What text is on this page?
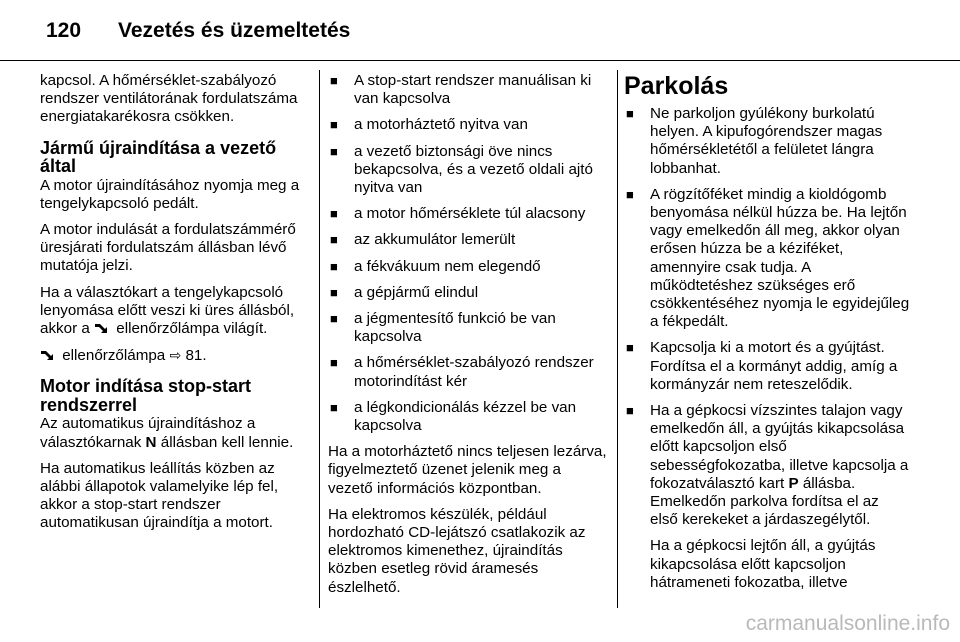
120 Vezetés és üzemeltetés

kapcsol. A hőmérséklet-szabályozó rendszer ventilátorának fordulatszáma energiatakarékosra csökken.

Jármű újraindítása a vezető által

A motor újraindításához nyomja meg a tengelykapcsoló pedált.

A motor indulását a fordulatszámmérő üresjárati fordulatszám állásban lévő mutatója jelzi.

Ha a választókart a tengelykapcsoló lenyomása előtt veszi ki üres állásból, akkor a ellenőrzőlámpa világít.

ellenőrzőlámpa ⇨ 81.

Motor indítása stop-start rendszerrel

Az automatikus újraindításhoz a választókarnak N állásban kell lennie.

Ha automatikus leállítás közben az alábbi állapotok valamelyike lép fel, akkor a stop-start rendszer automatikusan újraindítja a motort.

■ A stop-start rendszer manuálisan ki van kapcsolva
■ a motorháztető nyitva van
■ a vezető biztonsági öve nincs bekapcsolva, és a vezető oldali ajtó nyitva van
■ a motor hőmérséklete túl alacsony
■ az akkumulátor lemerült
■ a fékvákuum nem elegendő
■ a gépjármű elindul
■ a jégmentesítő funkció be van kapcsolva
■ a hőmérséklet-szabályozó rendszer motorindítást kér
■ a légkondicionálás kézzel be van kapcsolva

Ha a motorháztető nincs teljesen lezárva, figyelmeztető üzenet jelenik meg a vezető információs központban.

Ha elektromos készülék, például hordozható CD-lejátszó csatlakozik az elektromos kimenethez, újraindítás közben esetleg rövid áramesés észlelhető.

Parkolás
■ Ne parkoljon gyúlékony burkolatú helyen. A kipufogórendszer magas hőmérsékletétől a felületet lángra lobbanhat.
■ A rögzítőféket mindig a kioldógomb benyomása nélkül húzza be. Ha lejtőn vagy emelkedőn áll meg, akkor olyan erősen húzza be a kéziféket, amennyire csak tudja. A működtetéshez szükséges erő csökkentéséhez nyomja le egyidejűleg a fékpedált.
■ Kapcsolja ki a motort és a gyújtást. Fordítsa el a kormányt addig, amíg a kormányzár nem reteszelődik.
■ Ha a gépkocsi vízszintes talajon vagy emelkedőn áll, a gyújtás kikapcsolása előtt kapcsoljon első sebességfokozatba, illetve kapcsolja a fokozatválasztó kart P állásba. Emelkedőn parkolva fordítsa el az első kerekeket a járdaszegélytől.
Ha a gépkocsi lejtőn áll, a gyújtás kikapcsolása előtt kapcsoljon hátrameneti fokozatba, illetve
carmanualsonline.info
